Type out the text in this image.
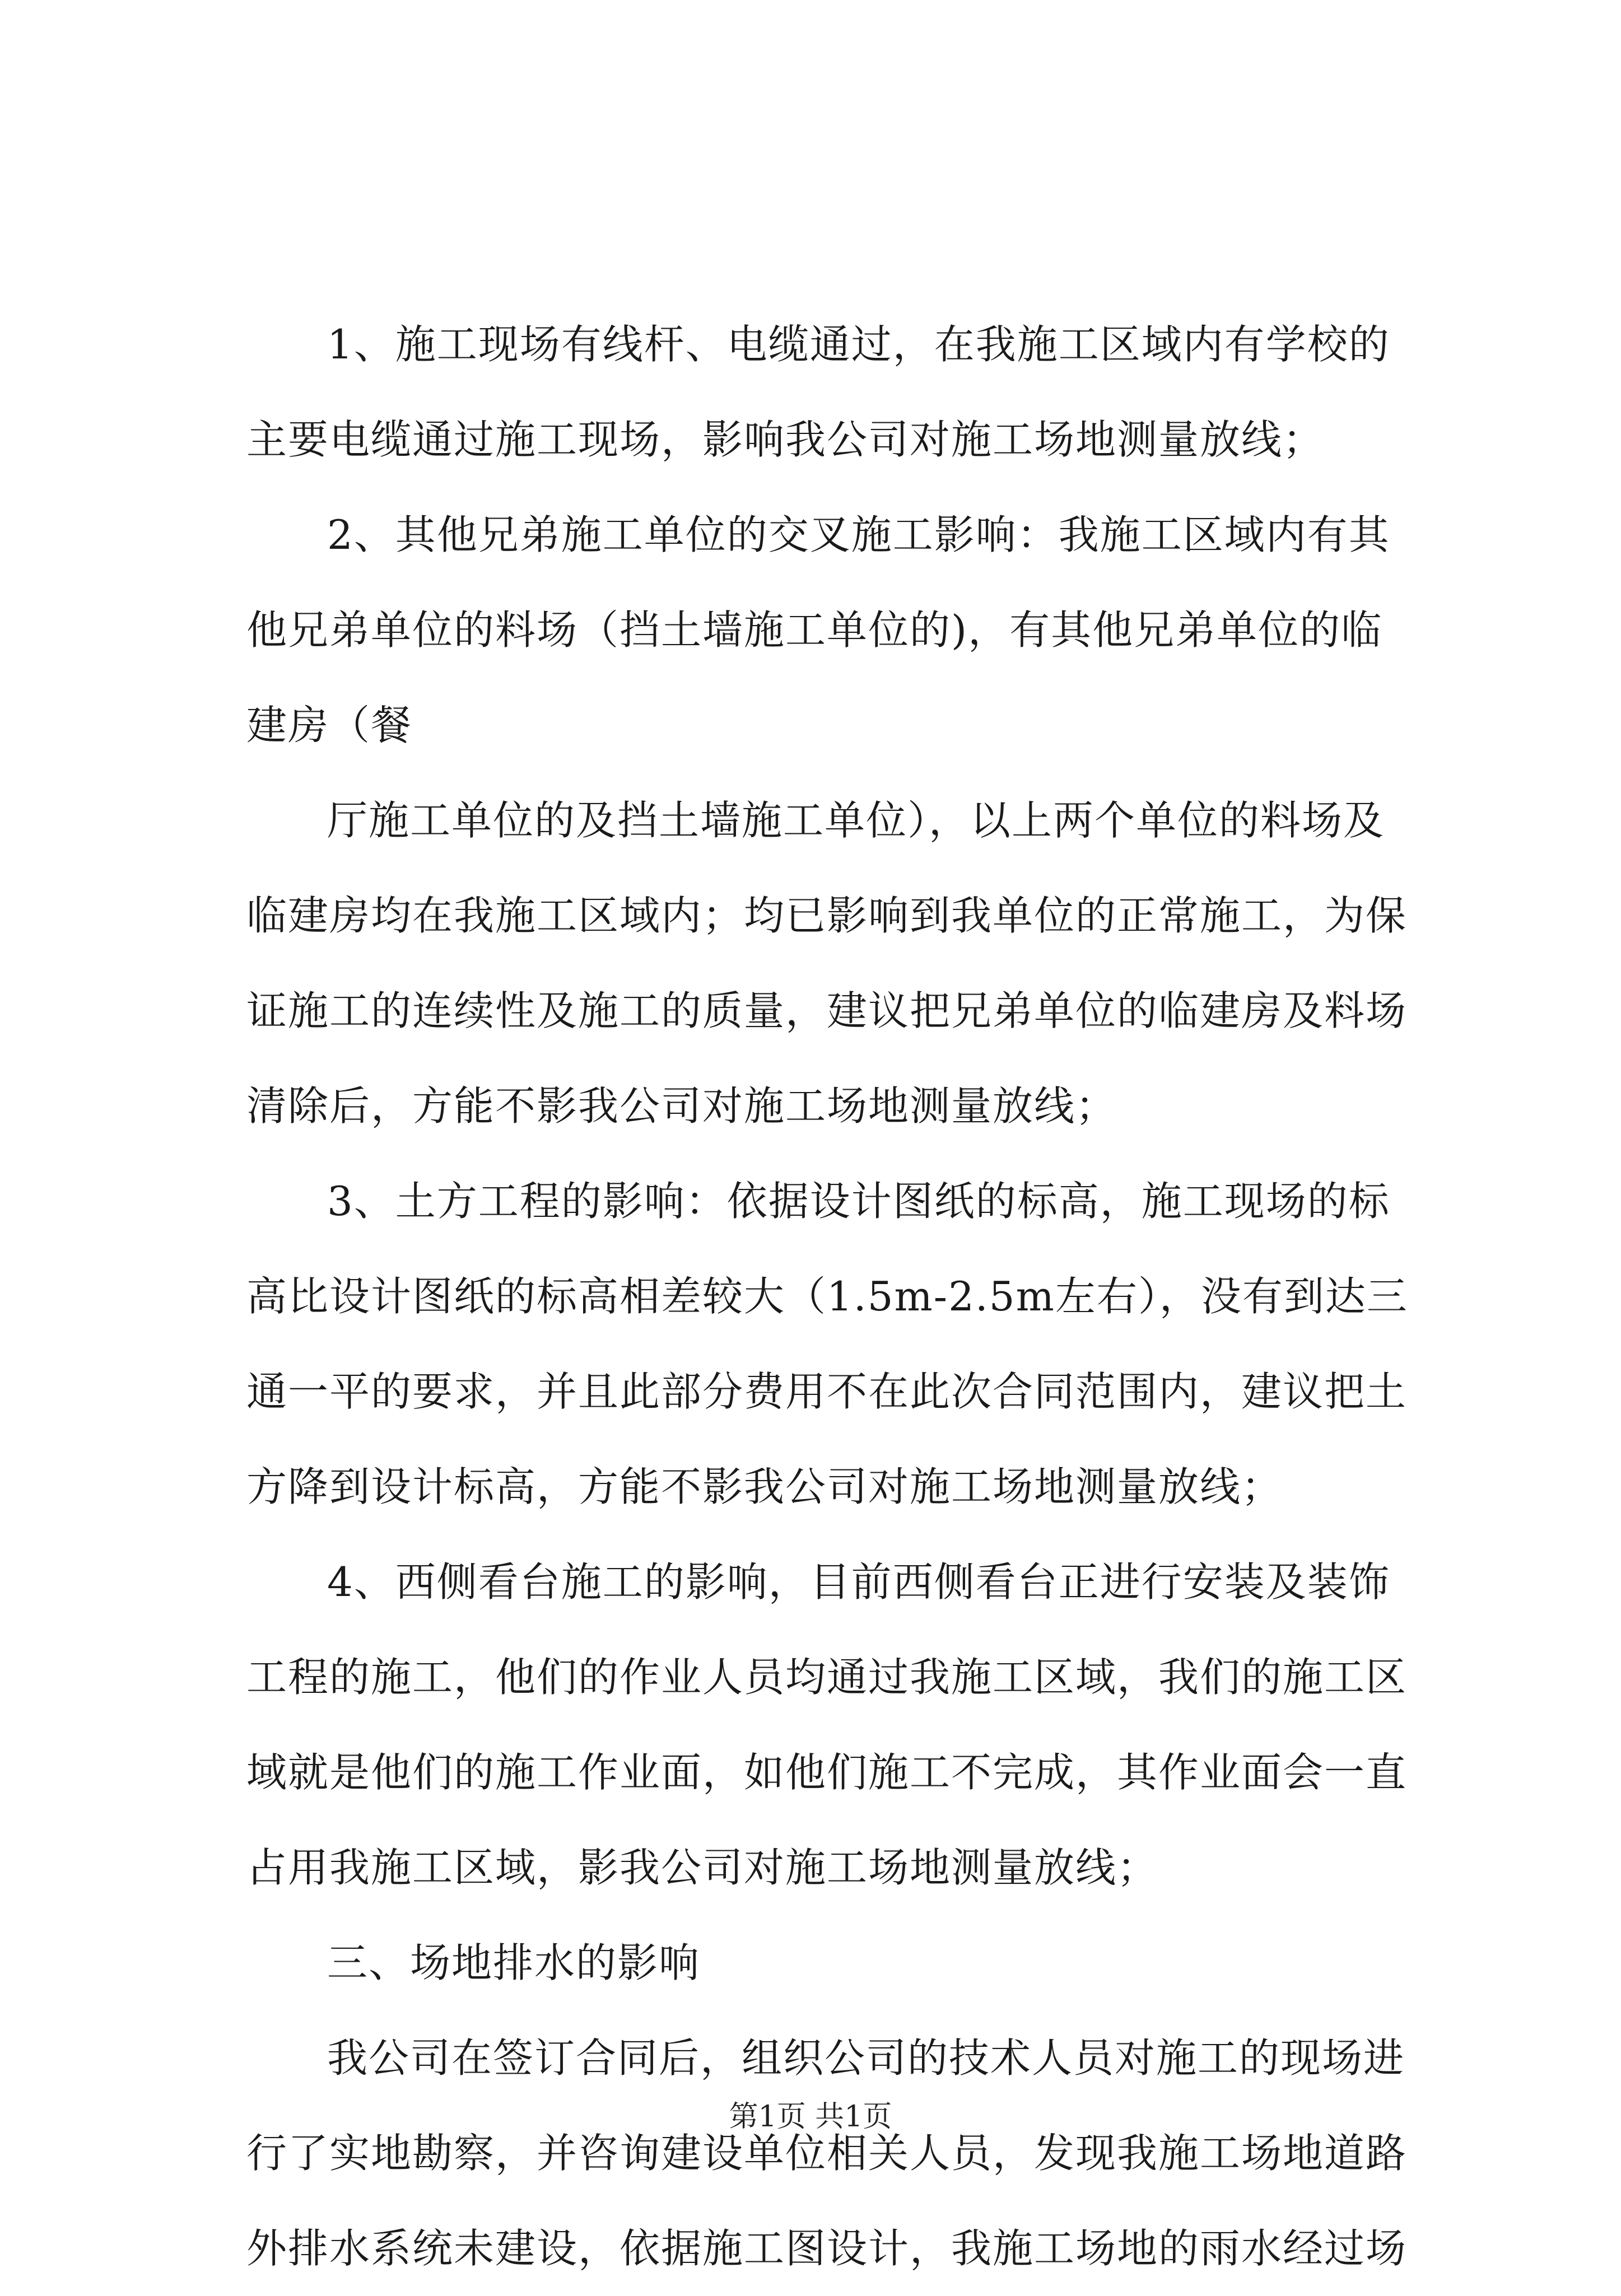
1、施工现场有线杆、电缆通过，在我施工区域内有学校的
主要电缆通过施工现场，影响我公司对施工场地测量放线；
2、其他兄弟施工单位的交叉施工影响：我施工区域内有其
他兄弟单位的料场（挡土墙施工单位的)，有其他兄弟单位的临
建房（餐
厅施工单位的及挡土墙施工单位），以上两个单位的料场及
临建房均在我施工区域内；均已影响到我单位的正常施工，为保
证施工的连续性及施工的质量，建议把兄弟单位的临建房及料场
清除后，方能不影我公司对施工场地测量放线；
3、土方工程的影响：依据设计图纸的标高，施工现场的标
高比设计图纸的标高相差较大（1.5m-2.5m左右），没有到达三
通一平的要求，并且此部分费用不在此次合同范围内，建议把土
方降到设计标高，方能不影我公司对施工场地测量放线；
4、西侧看台施工的影响，目前西侧看台正进行安装及装饰
工程的施工，他们的作业人员均通过我施工区域，我们的施工区
域就是他们的施工作业面，如他们施工不完成，其作业面会一直
占用我施工区域，影我公司对施工场地测量放线；
三、场地排水的影响
我公司在签订合同后，组织公司的技术人员对施工的现场进
行了实地勘察，并咨询建设单位相关人员，发现我施工场地道路
外排水系统未建设，依据施工图设计，我施工场地的雨水经过场
第1页 共1页
